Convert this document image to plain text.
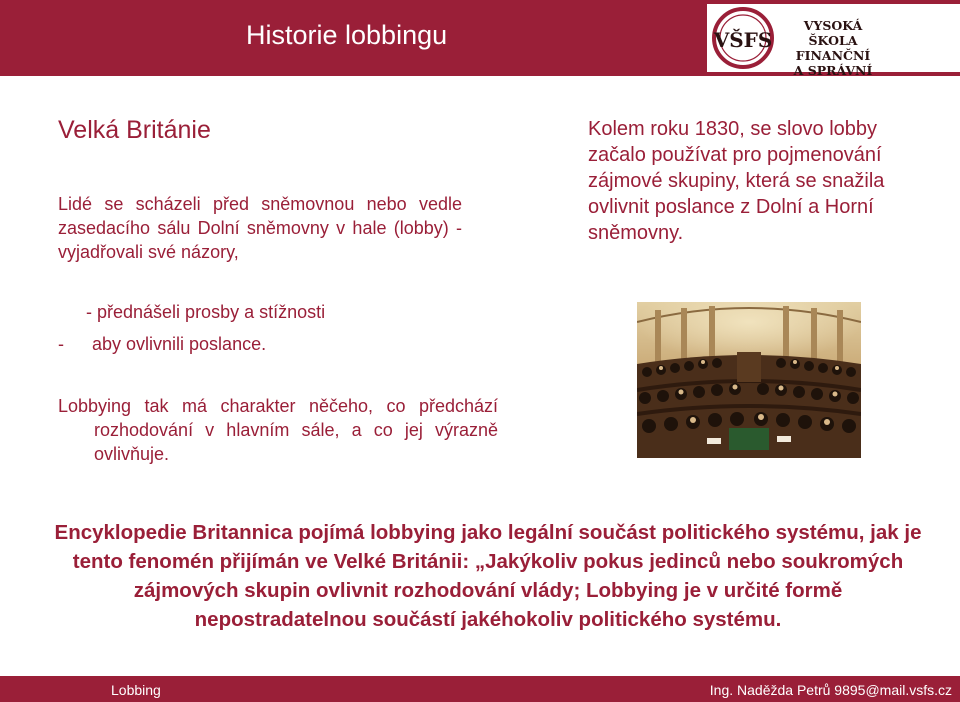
Historie lobbingu	VŠFS
VYSOKÁ ŠKOLA
FINANČNÍ
A SPRÁVNÍ
Velká Británie
Lidé se scházeli před sněmovnou nebo vedle zasedacího sálu Dolní sněmovny v hale (lobby) - vyjadřovali své názory,
- přednášeli prosby a stížnosti
- aby ovlivnili poslance.
Lobbying tak má charakter něčeho, co předchází rozhodování v hlavním sále, a co jej výrazně ovlivňuje.
Kolem roku 1830, se slovo lobby začalo používat pro pojmenování zájmové skupiny, která se snažila ovlivnit poslance z Dolní a Horní sněmovny.
Encyklopedie Britannica pojímá lobbying jako legální součást politického systému, jak je tento fenomén přijímán ve Velké Británii: „Jakýkoliv pokus jedinců nebo soukromých zájmových skupin ovlivnit rozhodování vlády; Lobbying je v určité formě nepostradatelnou součástí jakéhokoliv politického systému.
Lobbing	Ing. Naděžda Petrů 9895@mail.vsfs.cz
